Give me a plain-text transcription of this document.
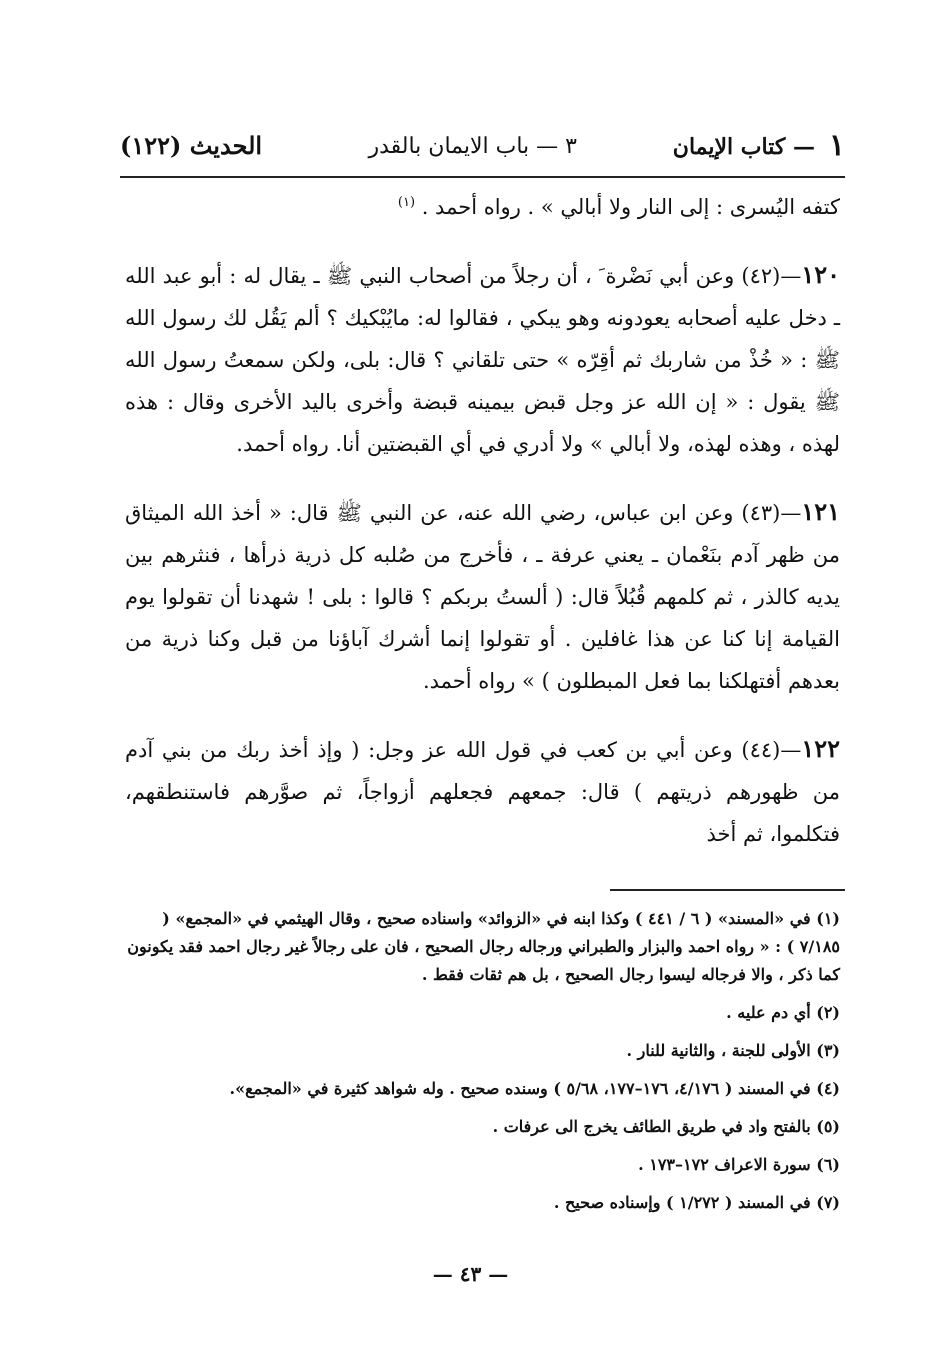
١
— كتاب الإيمان
٣ — باب الايمان بالقدر
الحديث (١٢٢)

كتفه اليُسرى : إلى النار ولا أبالي » . رواه أحمد . $^{(١)}$

١٢٠—(٤٢) وعن أبي نَضْرة َ ، أن رجلاً من أصحاب النبي ﷺ ـ يقال له : أبو عبد الله ـ دخل عليه أصحابه يعودونه وهو يبكي ، فقالوا له: مايُبْكيك ؟ ألم يَقُل لك رسول الله ﷺ : « خُذْ من شاربك ثم أقِرّه » حتى تلقاني ؟ قال: بلى، ولكن سمعتُ رسول الله ﷺ يقول : « إن الله عز وجل قبض بيمينه قبضة وأخرى باليد الأخرى وقال : هذه لهذه ، وهذه لهذه، ولا أبالي » ولا أدري في أي القبضتين أنا. رواه أحمد.

١٢١—(٤٣) وعن ابن عباس، رضي الله عنه، عن النبي ﷺ قال: « أخذ الله الميثاق من ظهر آدم بنَعْمان ـ يعني عرفة ـ ، فأخرج من صُلبه كل ذرية ذرأها ، فنثرهم بين يديه كالذر ، ثم كلمهم قُبُلاً قال: ( ألستُ بربكم ؟ قالوا : بلى ! شهدنا أن تقولوا يوم القيامة إنا كنا عن هذا غافلين . أو تقولوا إنما أشرك آباؤنا من قبل وكنا ذرية من بعدهم أفتهلكنا بما فعل المبطلون ) » رواه أحمد.

١٢٢—(٤٤) وعن أبي بن كعب في قول الله عز وجل: ( وإذ أخذ ربك من بني آدم من ظهورهم ذريتهم ) قال: جمعهم فجعلهم أزواجاً، ثم صوَّرهم فاستنطقهم، فتكلموا، ثم أخذ

(١) في «المسند» ( ٦ / ٤٤١ ) وكذا ابنه في «الزوائد» واسناده صحيح ، وقال الهيثمي في «المجمع» ( ٧/١٨٥ ) : « رواه احمد والبزار والطبراني ورجاله رجال الصحيح ، فان على رجالاً غير رجال احمد فقد يكونون كما ذكر ، والا فرجاله ليسوا رجال الصحيح ، بل هم ثقات فقط .

(٢) أي دم عليه .

(٣) الأولى للجنة ، والثانية للنار .

(٤) في المسند ( ٤/١٧٦، ١٧٦–١٧٧، ٥/٦٨ ) وسنده صحيح . وله شواهد كثيرة في «المجمع».

(٥) بالفتح واد في طريق الطائف يخرج الى عرفات .

(٦) سورة الاعراف ١٧٢–١٧٣ .

(٧) في المسند ( ١/٢٧٢ ) وإسناده صحيح .

— ٤٣ —
